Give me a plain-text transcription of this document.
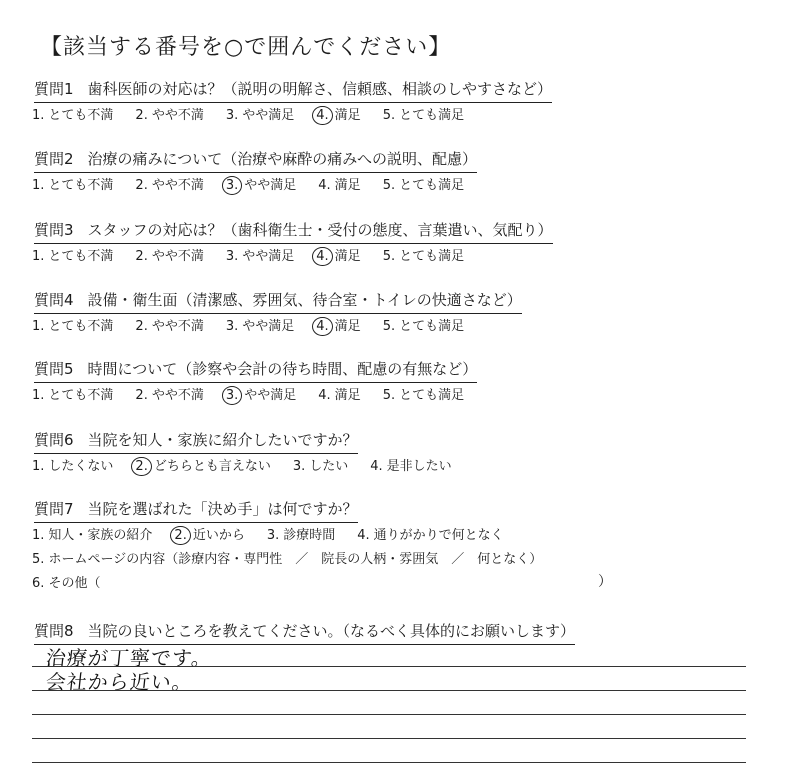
【該当する番号を○で囲んでください】
質問1 歯科医師の対応は？（説明の明解さ、信頼感、相談のしやすさなど）
1. とても不満 2. やや不満 3. やや満足 4. 満足 5. とても満足
質問2 治療の痛みについて（治療や麻酔の痛みへの説明、配慮）
1. とても不満 2. やや不満 3. やや満足 4. 満足 5. とても満足
質問3 スタッフの対応は？（歯科衛生士・受付の態度、言葉遣い、気配り）
1. とても不満 2. やや不満 3. やや満足 4. 満足 5. とても満足
質問4 設備・衛生面（清潔感、雰囲気、待合室・トイレの快適さなど）
1. とても不満 2. やや不満 3. やや満足 4. 満足 5. とても満足
質問5 時間について（診察や会計の待ち時間、配慮の有無など）
1. とても不満 2. やや不満 3. やや満足 4. 満足 5. とても満足
質問6 当院を知人・家族に紹介したいですか？
1. したくない 2. どちらとも言えない 3. したい 4. 是非したい
質問7 当院を選ばれた「決め手」は何ですか？
1. 知人・家族の紹介 2. 近いから 3. 診療時間 4. 通りがかりで何となく
5. ホームページの内容（診療内容・専門性　／　院長の人柄・雰囲気　／　何となく）
6. その他（	）
質問8 当院の良いところを教えてください。（なるべく具体的にお願いします）
治療が丁寧です。
会社から近い。
